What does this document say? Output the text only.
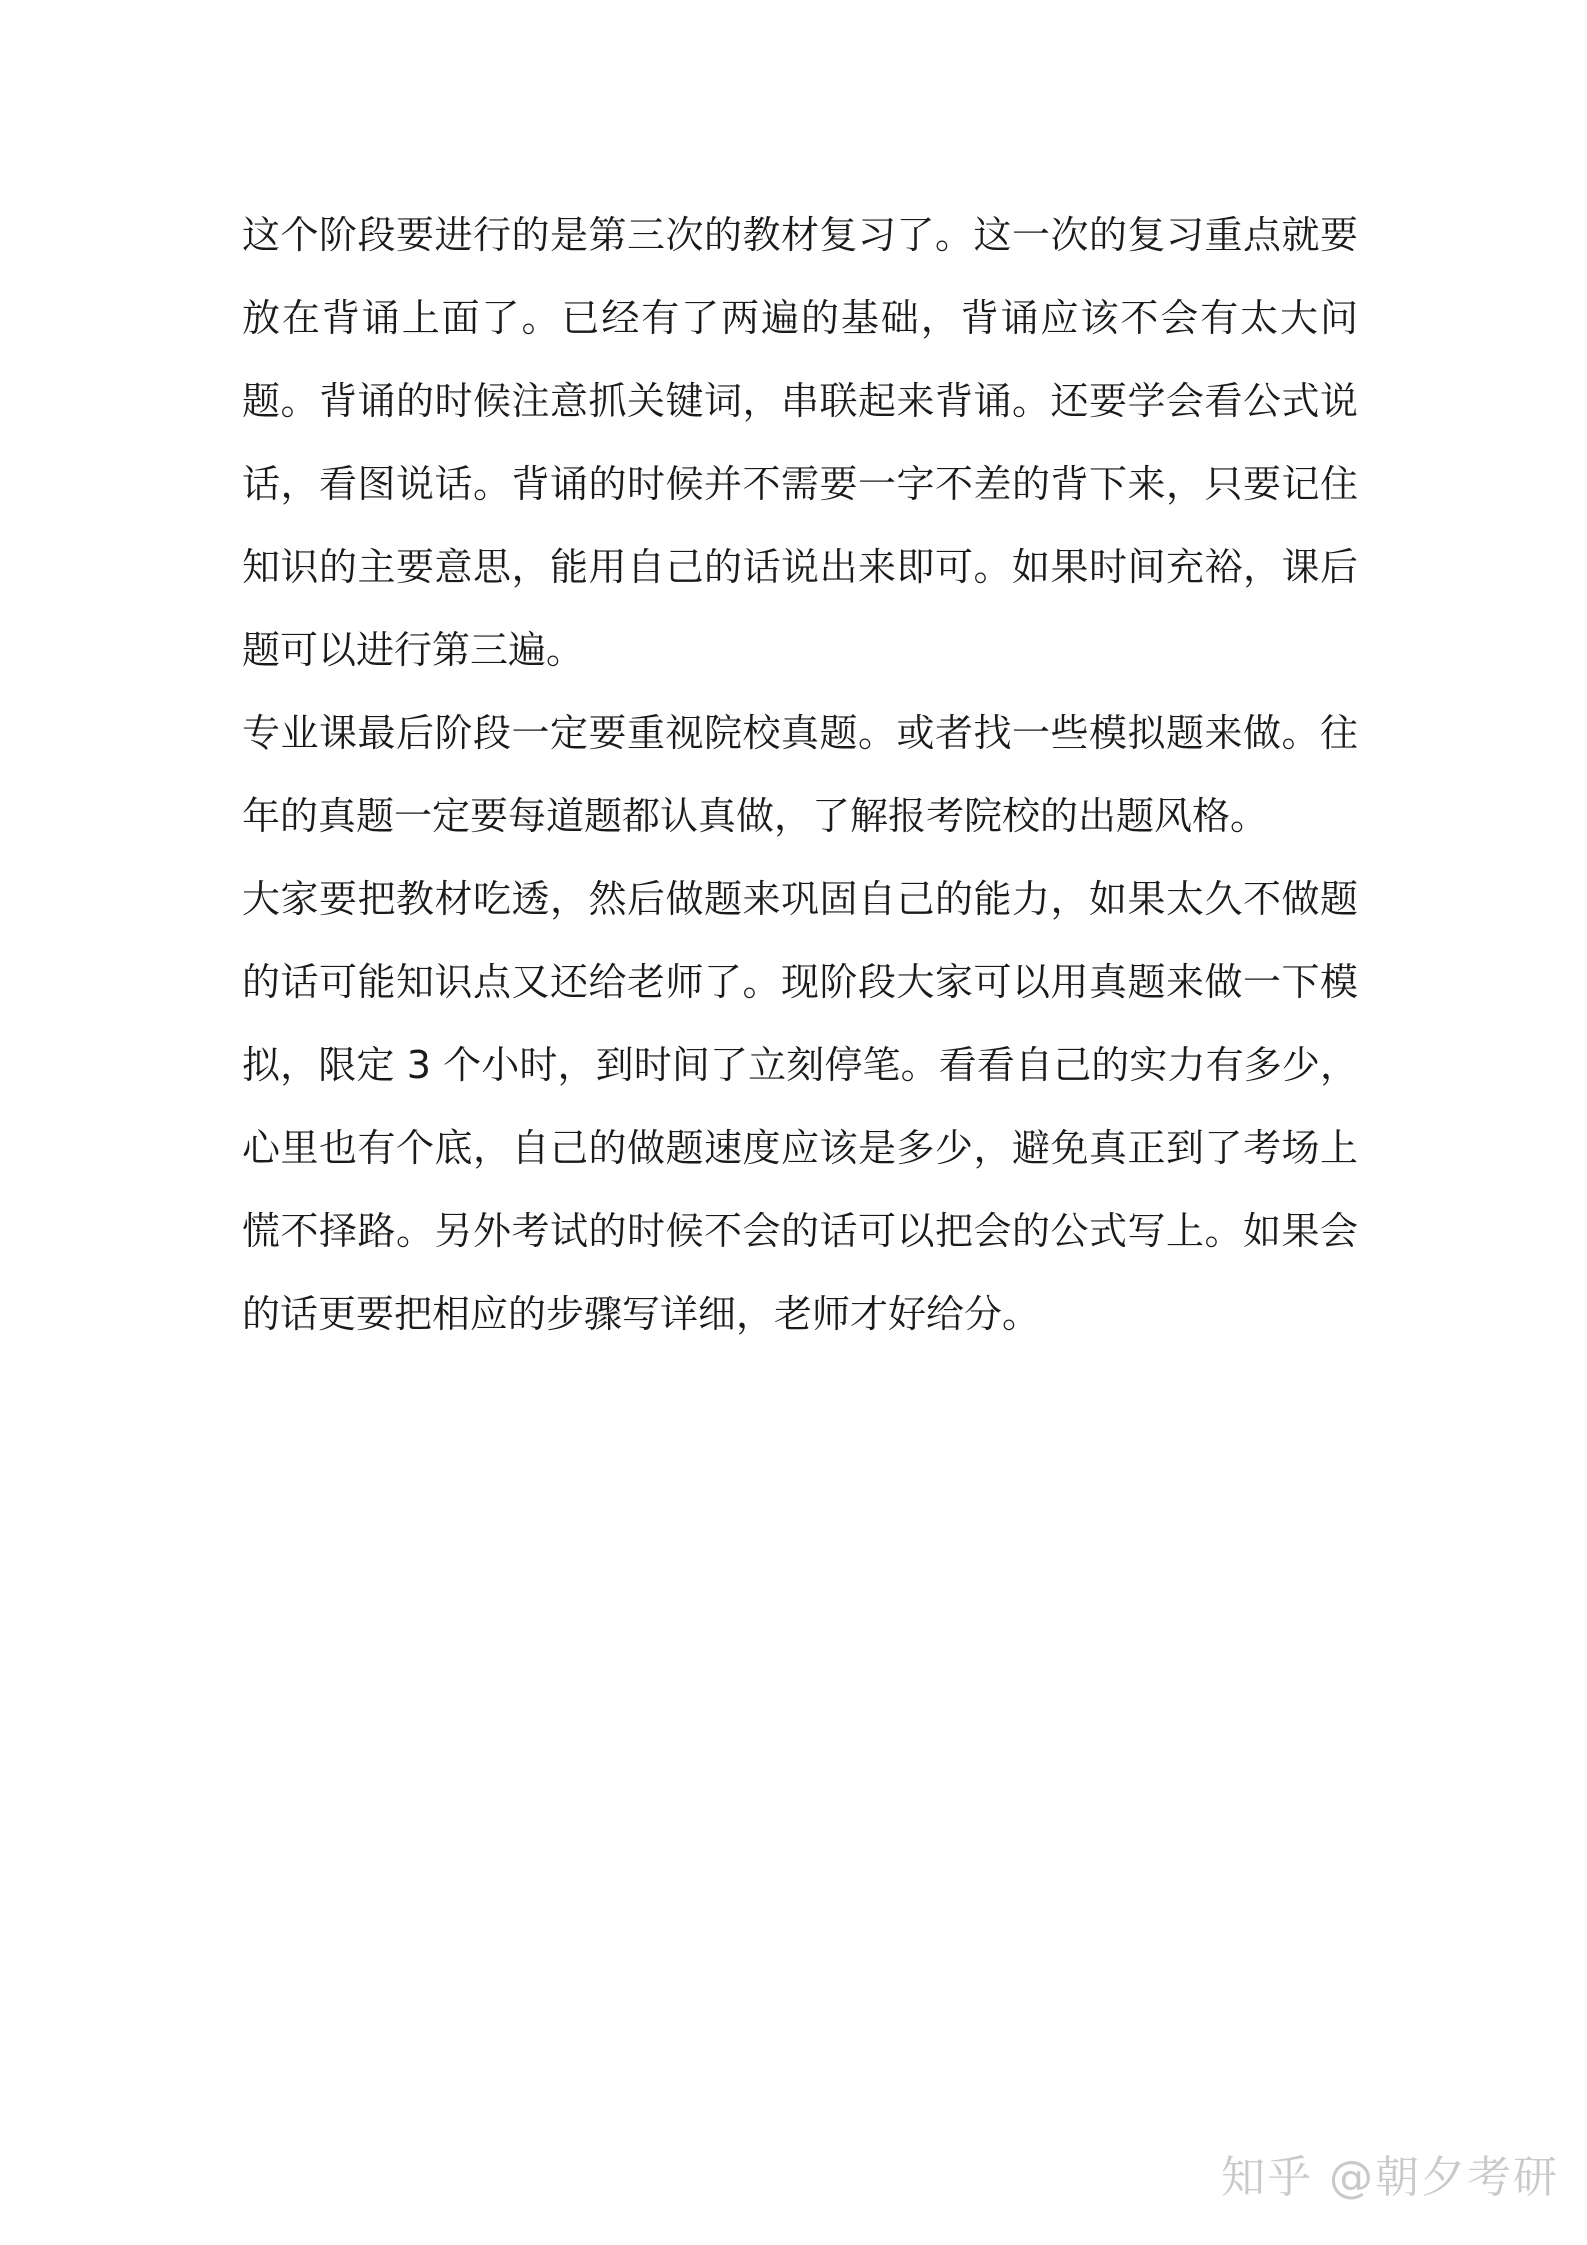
这个阶段要进行的是第三次的教材复习了。这一次的复习重点就要放在背诵上面了。已经有了两遍的基础，背诵应该不会有太大问题。背诵的时候注意抓关键词，串联起来背诵。还要学会看公式说话，看图说话。背诵的时候并不需要一字不差的背下来，只要记住知识的主要意思，能用自己的话说出来即可。如果时间充裕，课后题可以进行第三遍。

专业课最后阶段一定要重视院校真题。或者找一些模拟题来做。往年的真题一定要每道题都认真做，了解报考院校的出题风格。

大家要把教材吃透，然后做题来巩固自己的能力，如果太久不做题的话可能知识点又还给老师了。现阶段大家可以用真题来做一下模拟，限定 3 个小时，到时间了立刻停笔。看看自己的实力有多少，心里也有个底，自己的做题速度应该是多少，避免真正到了考场上慌不择路。另外考试的时候不会的话可以把会的公式写上。如果会的话更要把相应的步骤写详细，老师才好给分。

知乎 @朝夕考研
